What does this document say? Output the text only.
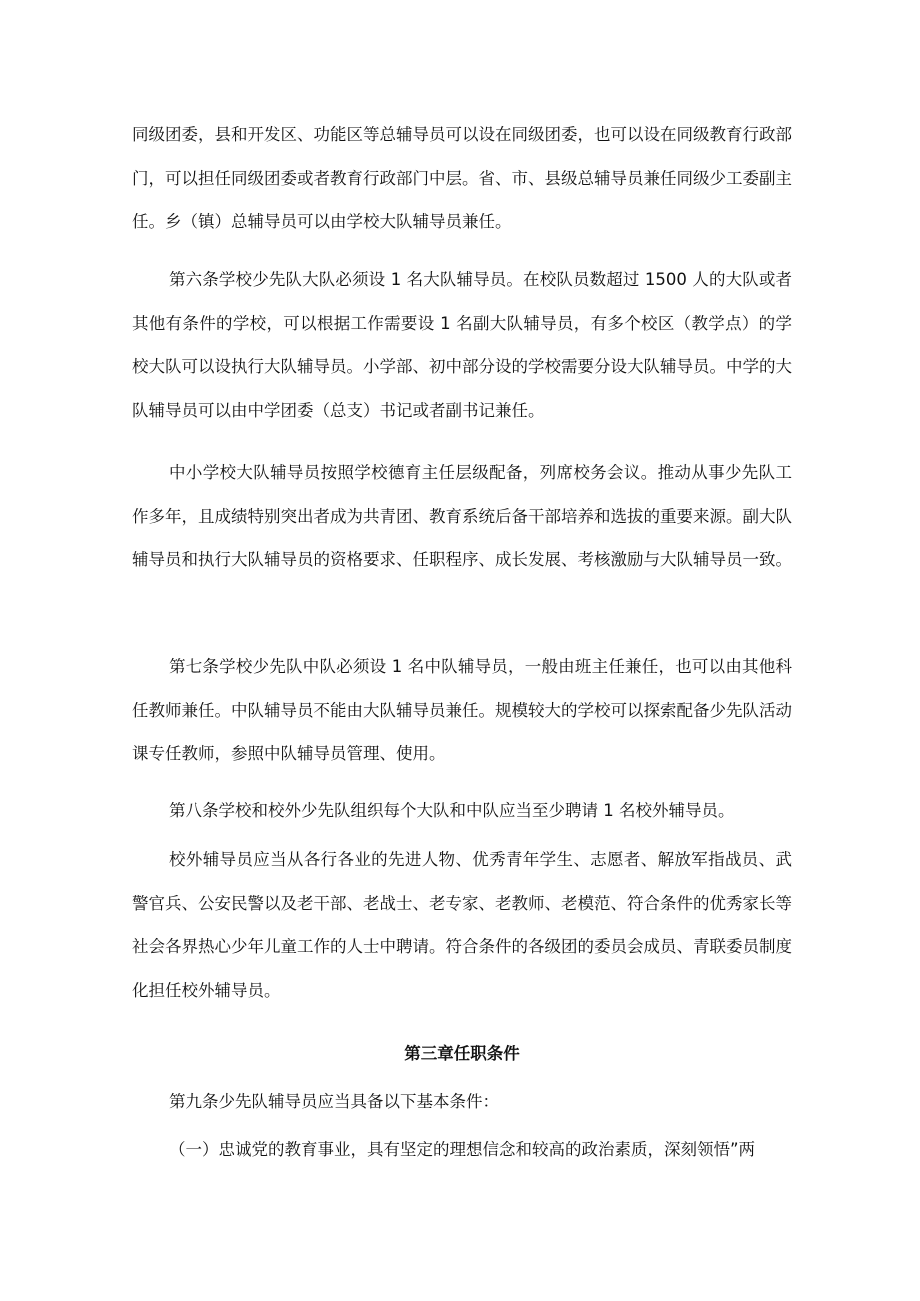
同级团委，县和开发区、功能区等总辅导员可以设在同级团委，也可以设在同级教育行政部门，可以担任同级团委或者教育行政部门中层。省、市、县级总辅导员兼任同级少工委副主任。乡（镇）总辅导员可以由学校大队辅导员兼任。

第六条学校少先队大队必须设 1 名大队辅导员。在校队员数超过 1500 人的大队或者其他有条件的学校，可以根据工作需要设 1 名副大队辅导员，有多个校区（教学点）的学校大队可以设执行大队辅导员。小学部、初中部分设的学校需要分设大队辅导员。中学的大队辅导员可以由中学团委（总支）书记或者副书记兼任。

中小学校大队辅导员按照学校德育主任层级配备，列席校务会议。推动从事少先队工作多年，且成绩特别突出者成为共青团、教育系统后备干部培养和选拔的重要来源。副大队辅导员和执行大队辅导员的资格要求、任职程序、成长发展、考核激励与大队辅导员一致。

第七条学校少先队中队必须设 1 名中队辅导员，一般由班主任兼任，也可以由其他科任教师兼任。中队辅导员不能由大队辅导员兼任。规模较大的学校可以探索配备少先队活动课专任教师，参照中队辅导员管理、使用。

第八条学校和校外少先队组织每个大队和中队应当至少聘请 1 名校外辅导员。

校外辅导员应当从各行各业的先进人物、优秀青年学生、志愿者、解放军指战员、武警官兵、公安民警以及老干部、老战士、老专家、老教师、老模范、符合条件的优秀家长等社会各界热心少年儿童工作的人士中聘请。符合条件的各级团的委员会成员、青联委员制度化担任校外辅导员。

第三章任职条件

第九条少先队辅导员应当具备以下基本条件：

（一）忠诚党的教育事业，具有坚定的理想信念和较高的政治素质，深刻领悟”两
